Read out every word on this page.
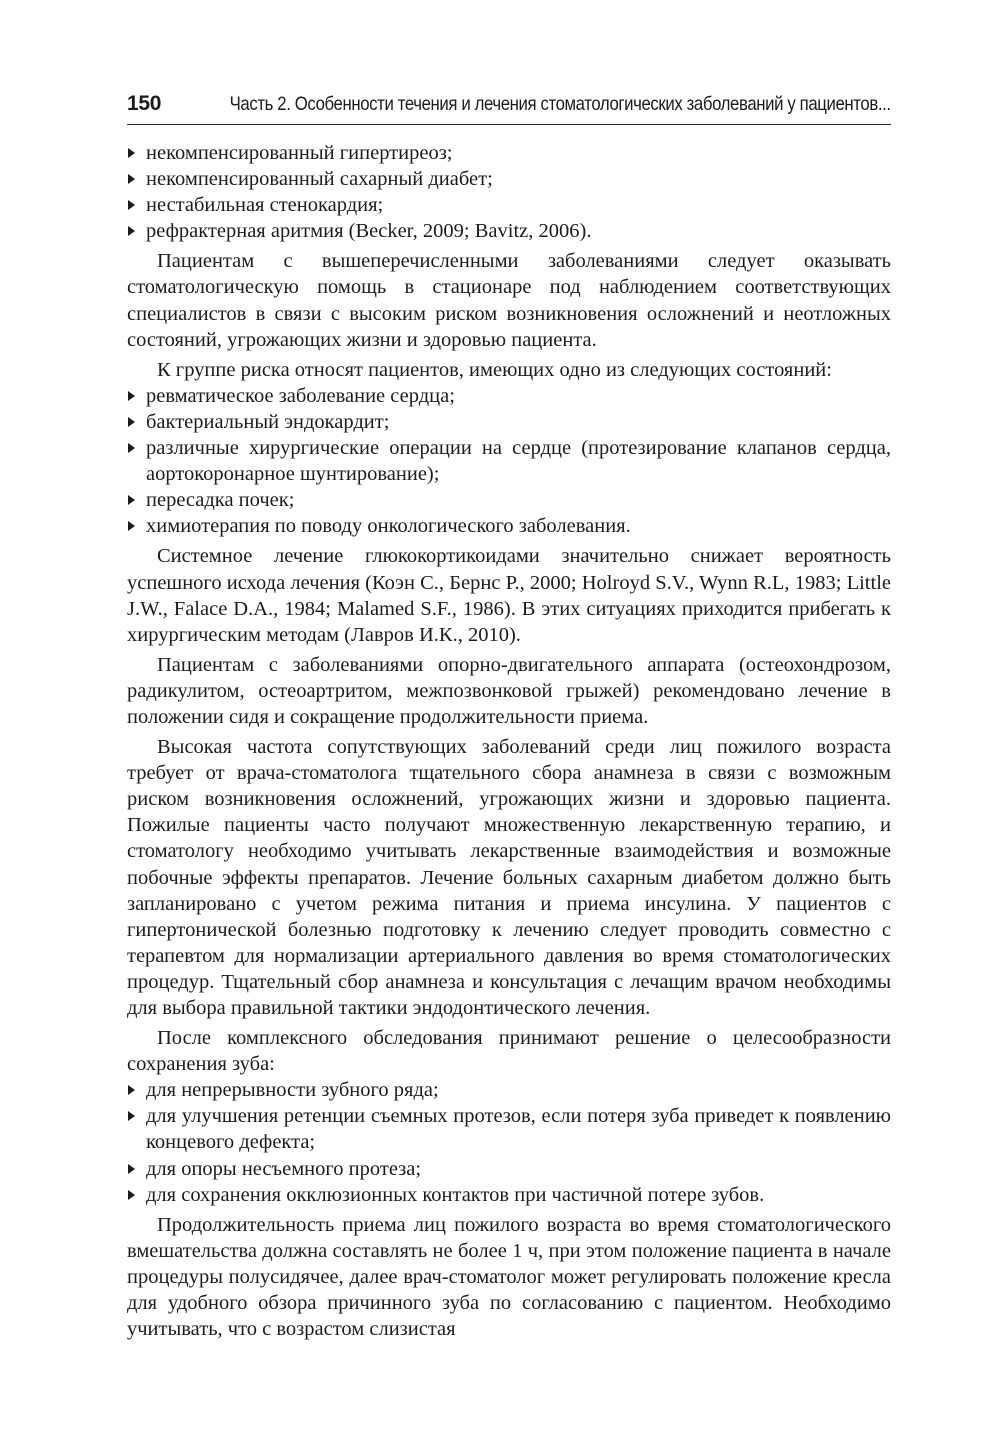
150	Часть 2. Особенности течения и лечения стоматологических заболеваний у пациентов...
некомпенсированный гипертиреоз;
некомпенсированный сахарный диабет;
нестабильная стенокардия;
рефрактерная аритмия (Becker, 2009; Bavitz, 2006).

Пациентам с вышеперечисленными заболеваниями следует оказывать стоматологическую помощь в стационаре под наблюдением соответствующих специалистов в связи с высоким риском возникновения осложнений и неотложных состояний, угрожающих жизни и здоровью пациента.

К группе риска относят пациентов, имеющих одно из следующих состояний:

ревматическое заболевание сердца;
бактериальный эндокардит;
различные хирургические операции на сердце (протезирование клапанов сердца, аортокоронарное шунтирование);
пересадка почек;
химиотерапия по поводу онкологического заболевания.

Системное лечение глюкокортикоидами значительно снижает вероятность успешного исхода лечения (Коэн С., Бернс Р., 2000; Holroyd S.V., Wynn R.L, 1983; Little J.W., Falace D.A., 1984; Malamed S.F., 1986). В этих ситуациях приходится прибегать к хирургическим методам (Лавров И.К., 2010).

Пациентам с заболеваниями опорно-двигательного аппарата (остеохондрозом, радикулитом, остеоартритом, межпозвонковой грыжей) рекомендовано лечение в положении сидя и сокращение продолжительности приема.

Высокая частота сопутствующих заболеваний среди лиц пожилого возраста требует от врача-стоматолога тщательного сбора анамнеза в связи с возможным риском возникновения осложнений, угрожающих жизни и здоровью пациента. Пожилые пациенты часто получают множественную лекарственную терапию, и стоматологу необходимо учитывать лекарственные взаимодействия и возможные побочные эффекты препаратов. Лечение больных сахарным диабетом должно быть запланировано с учетом режима питания и приема инсулина. У пациентов с гипертонической болезнью подготовку к лечению следует проводить совместно с терапевтом для нормализации артериального давления во время стоматологических процедур. Тщательный сбор анамнеза и консультация с лечащим врачом необходимы для выбора правильной тактики эндодонтического лечения.

После комплексного обследования принимают решение о целесообразности сохранения зуба:

для непрерывности зубного ряда;
для улучшения ретенции съемных протезов, если потеря зуба приведет к появлению концевого дефекта;
для опоры несъемного протеза;
для сохранения окклюзионных контактов при частичной потере зубов.

Продолжительность приема лиц пожилого возраста во время стоматологического вмешательства должна составлять не более 1 ч, при этом положение пациента в начале процедуры полусидячее, далее врач-стоматолог может регулировать положение кресла для удобного обзора причинного зуба по согласованию с пациентом. Необходимо учитывать, что с возрастом слизистая
